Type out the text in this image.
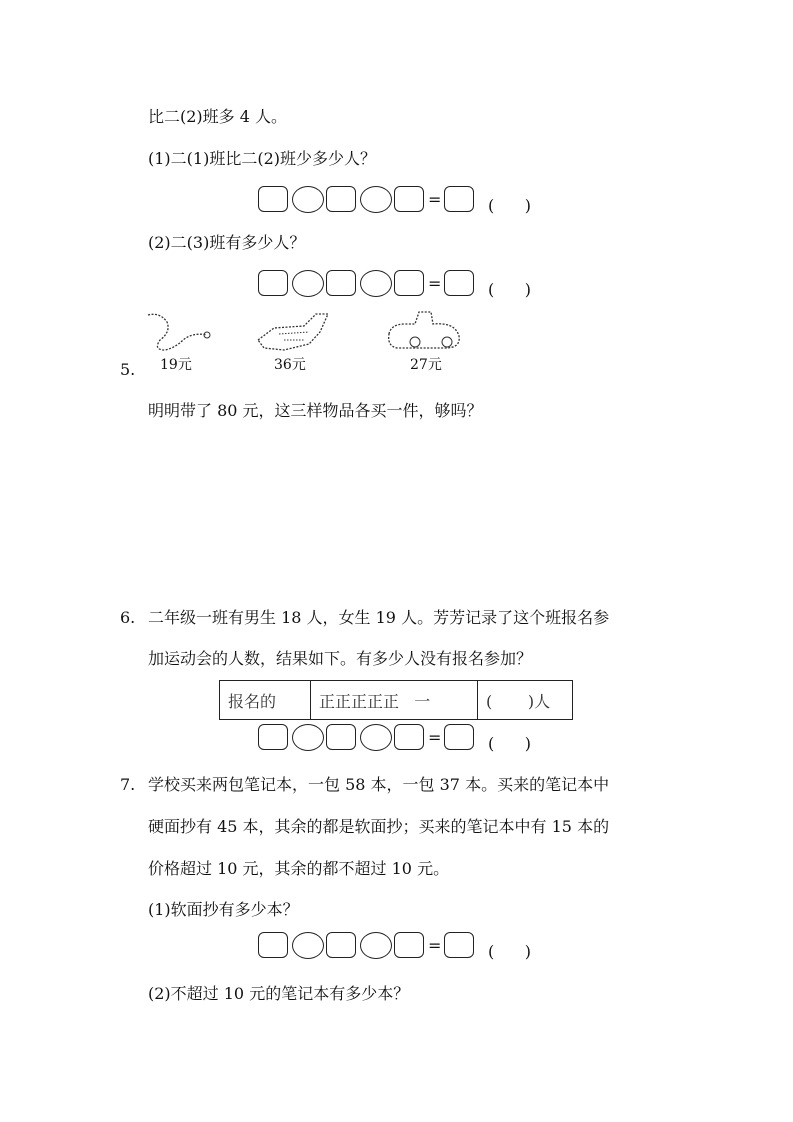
比二(2)班多 4 人。
(1)二(1)班比二(2)班少多少人？
=	(      )
(2)二(3)班有多少人？
=	(      )
5. 19元	36元	27元
明明带了 80 元，这三样物品各买一件，够吗？
6. 二年级一班有男生 18 人，女生 19 人。芳芳记录了这个班报名参
加运动会的人数，结果如下。有多少人没有报名参加？
报名的	正正正正正   一	(       )人
=	(      )
7. 学校买来两包笔记本，一包 58 本，一包 37 本。买来的笔记本中
硬面抄有 45 本，其余的都是软面抄；买来的笔记本中有 15 本的
价格超过 10 元，其余的都不超过 10 元。
(1)软面抄有多少本？
=	(      )
(2)不超过 10 元的笔记本有多少本？
